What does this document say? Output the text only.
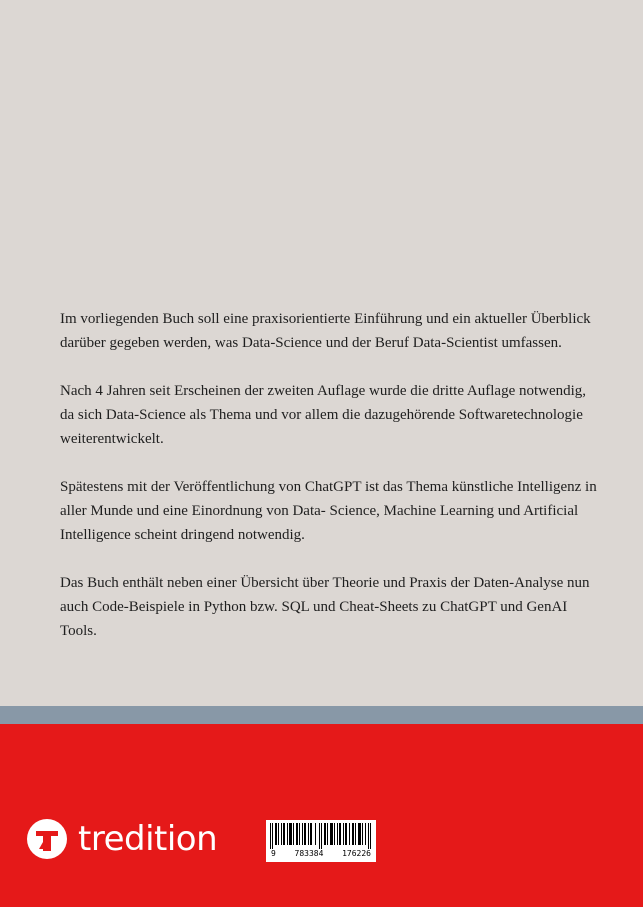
Im vorliegenden Buch soll eine praxisorientierte Einführung und ein aktueller Überblick darüber gegeben werden, was Data-Science und der Beruf Data-Scientist umfassen.

Nach 4 Jahren seit Erscheinen der zweiten Auflage wurde die dritte Auflage notwendig, da sich Data-Science als Thema und vor allem die dazugehörende Softwaretechnologie weiterentwickelt.

Spätestens mit der Veröffentlichung von ChatGPT ist das Thema künstliche Intelligenz in aller Munde und eine Einordnung von Data- Science, Machine Learning und Artificial Intelligence scheint dringend notwendig.

Das Buch enthält neben einer Übersicht über Theorie und Praxis der Daten-Analyse nun auch Code-Beispiele in Python bzw. SQL und Cheat-Sheets zu ChatGPT und GenAI Tools.

tredition	9 783384 176226
